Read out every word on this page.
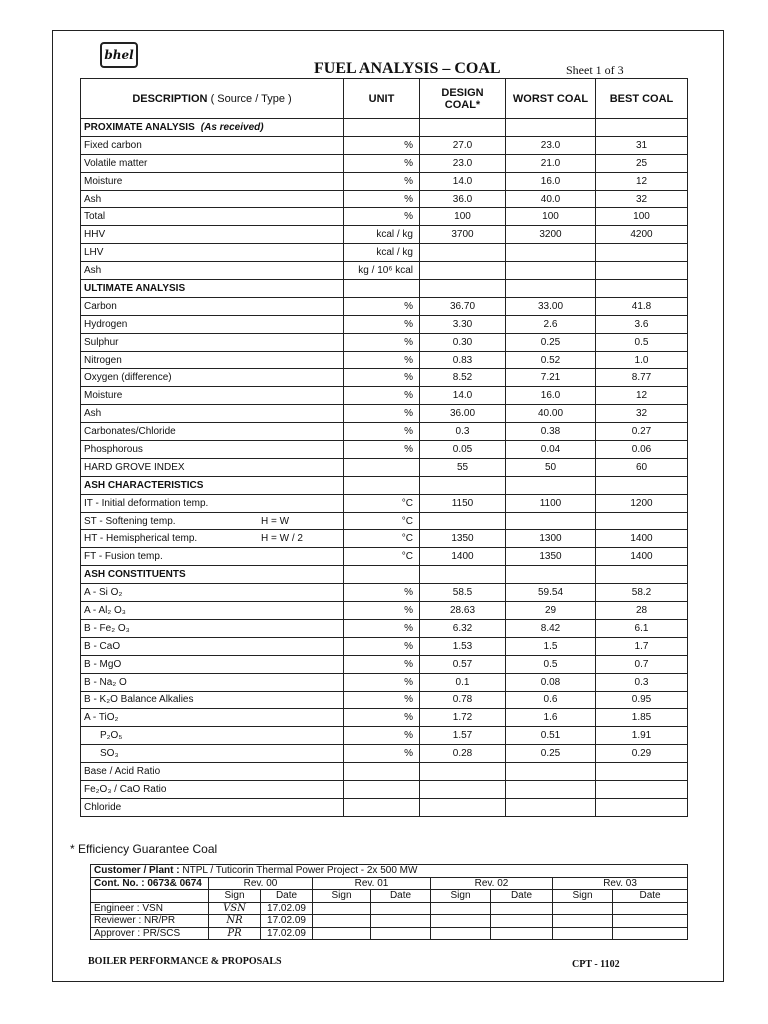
bhel
FUEL ANALYSIS – COAL	Sheet 1 of 3
DESCRIPTION ( Source / Type )	UNIT	DESIGN COAL*	WORST COAL	BEST COAL
PROXIMATE ANALYSIS (As received)				
Fixed carbon	%	27.0	23.0	31
Volatile matter	%	23.0	21.0	25
Moisture	%	14.0	16.0	12
Ash	%	36.0	40.0	32
Total	%	100	100	100
HHV	kcal / kg	3700	3200	4200
LHV	kcal / kg			
Ash	kg / 10⁶ kcal			
ULTIMATE ANALYSIS				
Carbon	%	36.70	33.00	41.8
Hydrogen	%	3.30	2.6	3.6
Sulphur	%	0.30	0.25	0.5
Nitrogen	%	0.83	0.52	1.0
Oxygen (difference)	%	8.52	7.21	8.77
Moisture	%	14.0	16.0	12
Ash	%	36.00	40.00	32
Carbonates/Chloride	%	0.3	0.38	0.27
Phosphorous	%	0.05	0.04	0.06
HARD GROVE INDEX		55	50	60
ASH CHARACTERISTICS				
IT - Initial deformation temp.	°C	1150	1100	1200
ST - Softening temp. H = W	°C			
HT - Hemispherical temp. H = W / 2	°C	1350	1300	1400
FT - Fusion temp.	°C	1400	1350	1400
ASH CONSTITUENTS				
A - Si O₂	%	58.5	59.54	58.2
A - Al₂ O₃	%	28.63	29	28
B - Fe₂ O₃	%	6.32	8.42	6.1
B - CaO	%	1.53	1.5	1.7
B - MgO	%	0.57	0.5	0.7
B - Na₂ O	%	0.1	0.08	0.3
B - K₂O Balance Alkalies	%	0.78	0.6	0.95
A - TiO₂	%	1.72	1.6	1.85
P₂O₅	%	1.57	0.51	1.91
SO₃	%	0.28	0.25	0.29
Base / Acid Ratio				
Fe₂O₃ / CaO Ratio				
Chloride				
* Efficiency Guarantee Coal
Customer / Plant : NTPL / Tuticorin Thermal Power Project - 2x 500 MW								
Cont. No. : 0673& 0674	Rev. 00		Rev. 01		Rev. 02		Rev. 03	
	Sign	Date	Sign	Date	Sign	Date	Sign	Date
Engineer : VSN	VSN	17.02.09						
Reviewer : NR/PR	NR	17.02.09						
Approver : PR/SCS	PR	17.02.09						
BOILER PERFORMANCE & PROPOSALS	CPT - 1102
